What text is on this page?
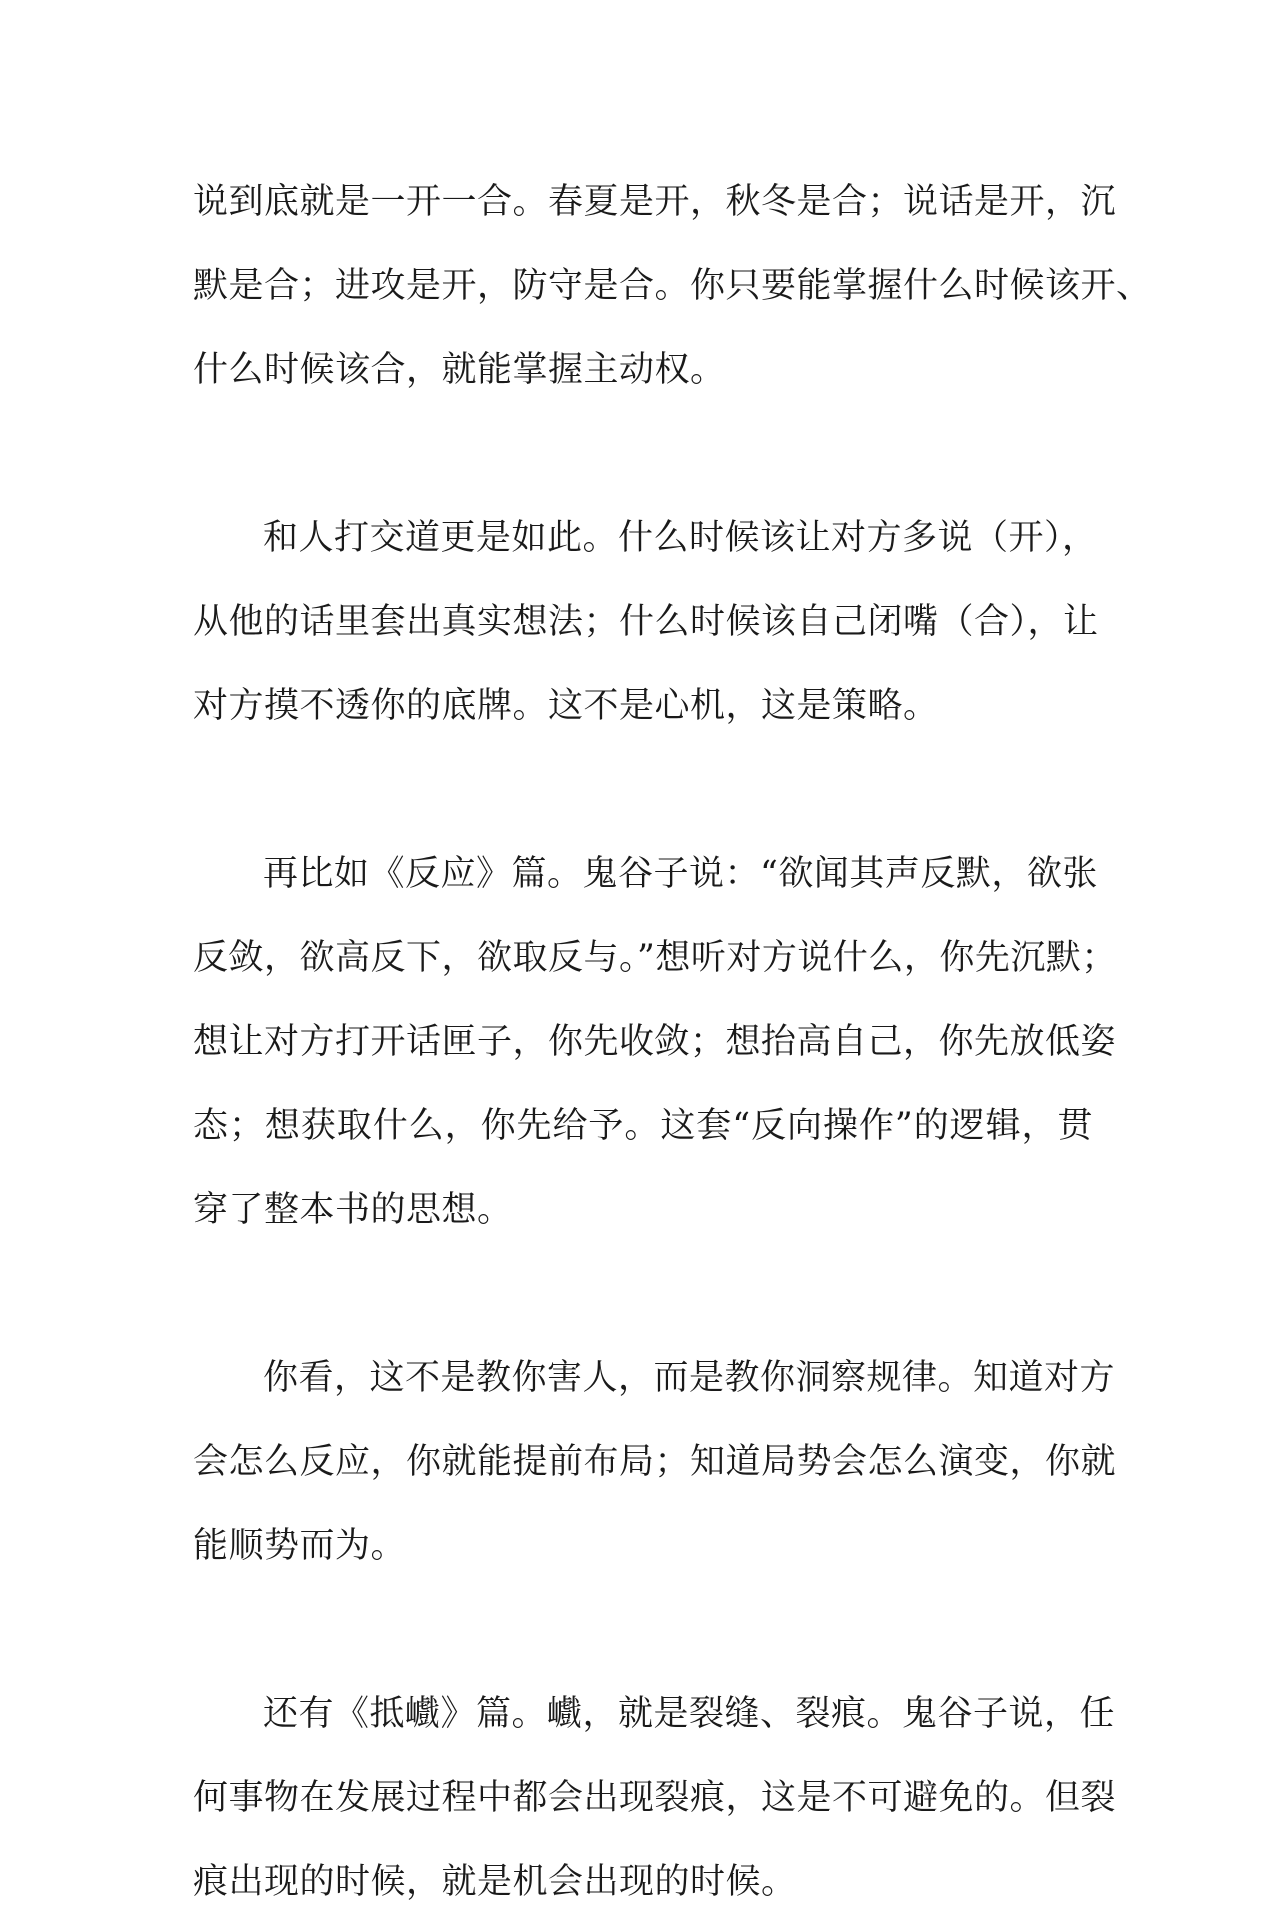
说到底就是一开一合。春夏是开，秋冬是合；说话是开，沉
默是合；进攻是开，防守是合。你只要能掌握什么时候该开、
什么时候该合，就能掌握主动权。
和人打交道更是如此。什么时候该让对方多说（开），
从他的话里套出真实想法；什么时候该自己闭嘴（合），让
对方摸不透你的底牌。这不是心机，这是策略。
再比如《反应》篇。鬼谷子说：“欲闻其声反默，欲张
反敛，欲高反下，欲取反与。”想听对方说什么，你先沉默；
想让对方打开话匣子，你先收敛；想抬高自己，你先放低姿
态；想获取什么，你先给予。这套“反向操作”的逻辑，贯
穿了整本书的思想。
你看，这不是教你害人，而是教你洞察规律。知道对方
会怎么反应，你就能提前布局；知道局势会怎么演变，你就
能顺势而为。
还有《抵巇》篇。巇，就是裂缝、裂痕。鬼谷子说，任
何事物在发展过程中都会出现裂痕，这是不可避免的。但裂
痕出现的时候，就是机会出现的时候。
